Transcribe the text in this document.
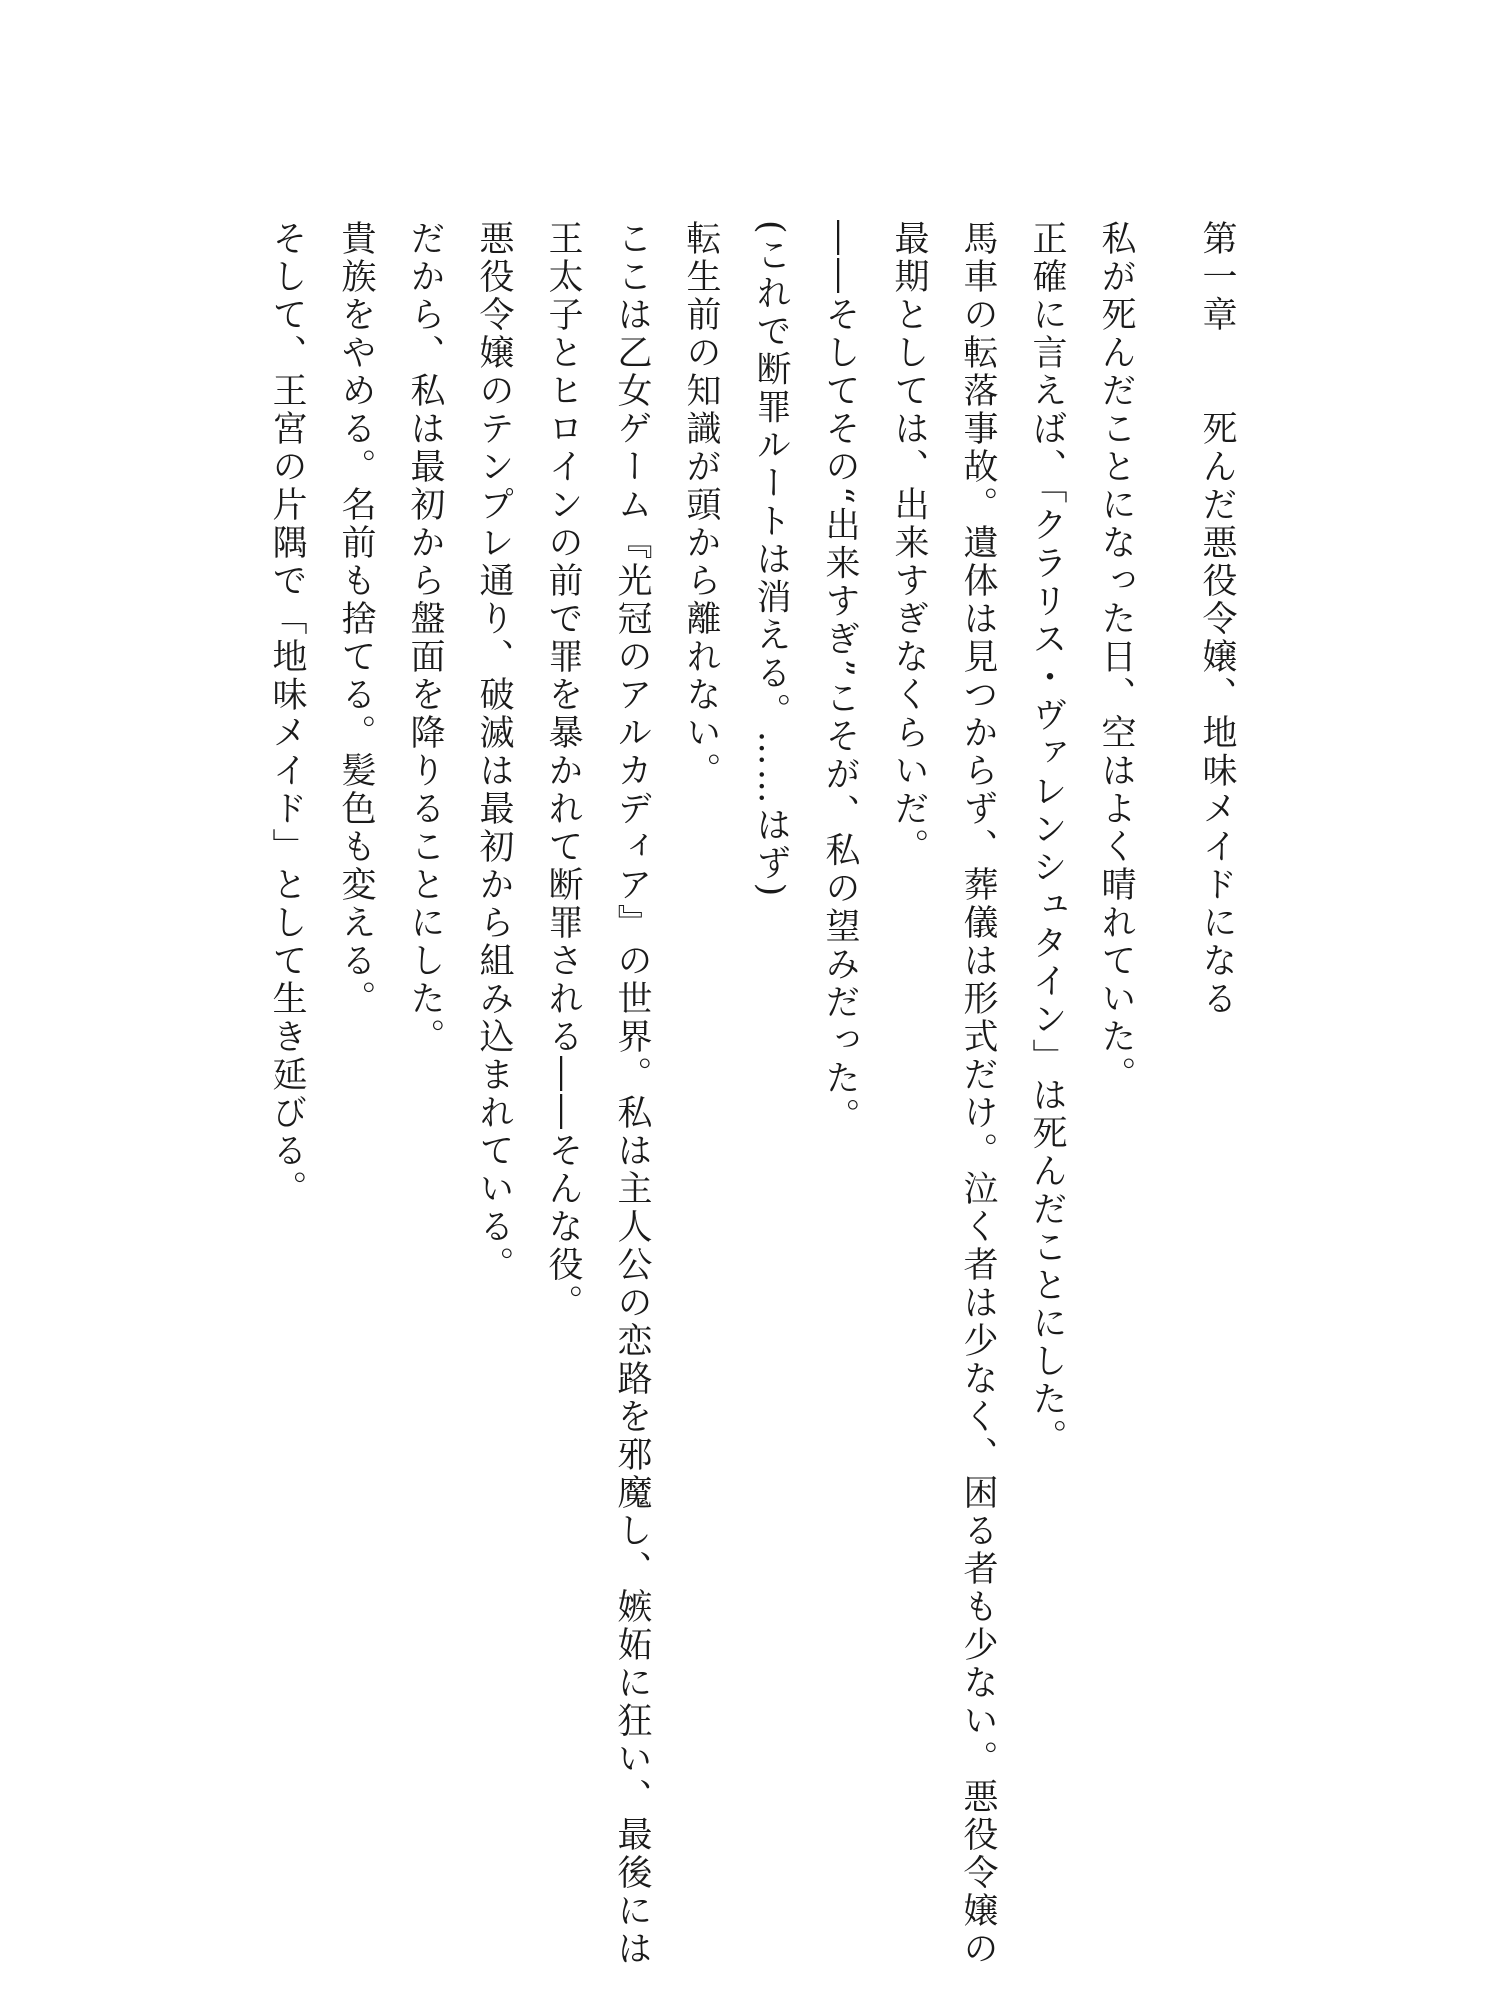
第一章　　死んだ悪役令嬢、地味メイドになる
私が死んだことになった日、空はよく晴れていた。
正確に言えば、「クラリス・ヴァレンシュタイン」は死んだことにした。
馬車の転落事故。遺体は見つからず、葬儀は形式だけ。泣く者は少なく、困る者も少ない。悪役令嬢の
最期としては、出来すぎなくらいだ。
――そしてその“出来すぎ”こそが、私の望みだった。
(これで断罪ルートは消える。……はず)
転生前の知識が頭から離れない。
ここは乙女ゲーム『光冠のアルカディア』の世界。私は主人公の恋路を邪魔し、嫉妬に狂い、最後には
王太子とヒロインの前で罪を暴かれて断罪される――そんな役。
悪役令嬢のテンプレ通り、破滅は最初から組み込まれている。
だから、私は最初から盤面を降りることにした。
貴族をやめる。名前も捨てる。髪色も変える。
そして、王宮の片隅で「地味メイド」として生き延びる。
